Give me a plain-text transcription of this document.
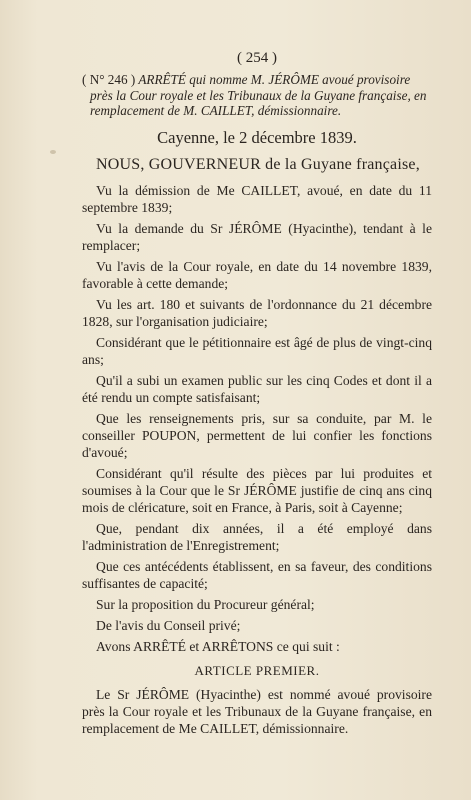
( 254 )
( N° 246 ) ARRÊTÉ qui nomme M. JÉRÔME avoué provisoire près la Cour royale et les Tribunaux de la Guyane française, en remplacement de M. CAILLET, démissionnaire.
Cayenne, le 2 décembre 1839.
NOUS, GOUVERNEUR de la Guyane française,

Vu la démission de Me CAILLET, avoué, en date du 11 septembre 1839;

Vu la demande du Sr JÉRÔME (Hyacinthe), tendant à le remplacer;

Vu l'avis de la Cour royale, en date du 14 novembre 1839, favorable à cette demande;

Vu les art. 180 et suivants de l'ordonnance du 21 décembre 1828, sur l'organisation judiciaire;

Considérant que le pétitionnaire est âgé de plus de vingt-cinq ans;

Qu'il a subi un examen public sur les cinq Codes et dont il a été rendu un compte satisfaisant;

Que les renseignements pris, sur sa conduite, par M. le conseiller POUPON, permettent de lui confier les fonctions d'avoué;

Considérant qu'il résulte des pièces par lui produites et soumises à la Cour que le Sr JÉRÔME justifie de cinq ans cinq mois de cléricature, soit en France, à Paris, soit à Cayenne;

Que, pendant dix années, il a été employé dans l'administration de l'Enregistrement;

Que ces antécédents établissent, en sa faveur, des conditions suffisantes de capacité;

Sur la proposition du Procureur général;

De l'avis du Conseil privé;

Avons ARRÊTÉ et ARRÊTONS ce qui suit :

ARTICLE PREMIER.

Le Sr JÉRÔME (Hyacinthe) est nommé avoué provisoire près la Cour royale et les Tribunaux de la Guyane française, en remplacement de Me CAILLET, démissionnaire.
